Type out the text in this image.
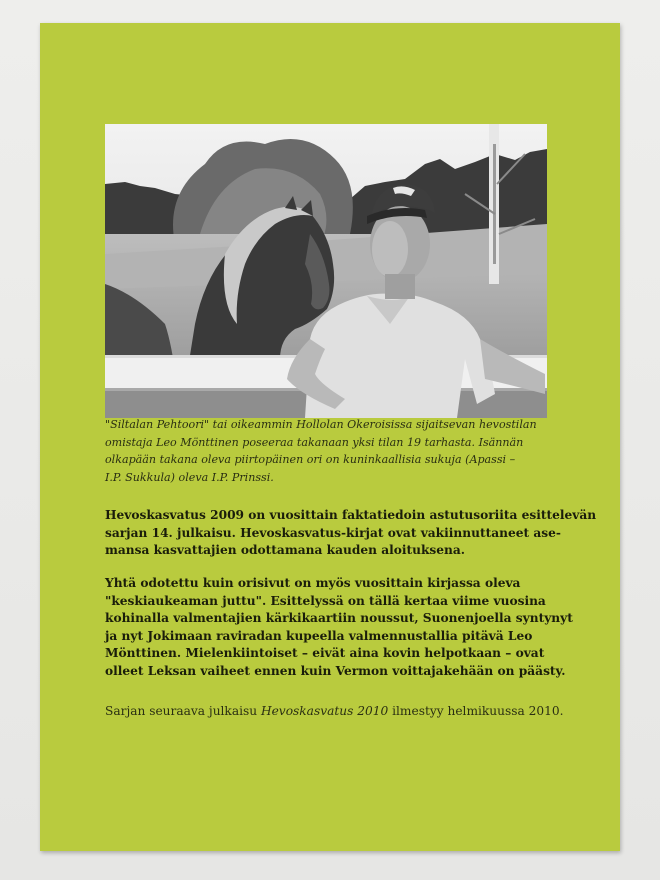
"Siltalan Pehtoori" tai oikeammin Hollolan Okeroisissa sijaitsevan hevostilan
omistaja Leo Mönttinen poseeraa takanaan yksi tilan 19 tarhasta. Isännän
olkapään takana oleva piirtopäinen ori on kuninkaallisia sukuja (Apassi –
I.P. Sukkula) oleva I.P. Prinssi.

Hevoskasvatus 2009 on vuosittain faktatiedoin astutusoriita esittelevän
sarjan 14. julkaisu. Hevoskasvatus-kirjat ovat vakiinnuttaneet ase-
mansa kasvattajien odottamana kauden aloituksena.

Yhtä odotettu kuin orisivut on myös vuosittain kirjassa oleva
"keskiaukeaman juttu". Esittelyssä on tällä kertaa viime vuosina
kohinalla valmentajien kärkikaartiin noussut, Suonenjoella syntynyt
ja nyt Jokimaan raviradan kupeella valmennustallia pitävä Leo
Mönttinen. Mielenkiintoiset – eivät aina kovin helpotkaan – ovat
olleet Leksan vaiheet ennen kuin Vermon voittajakehään on päästy.

Sarjan seuraava julkaisu Hevoskasvatus 2010 ilmestyy helmikuussa 2010.
